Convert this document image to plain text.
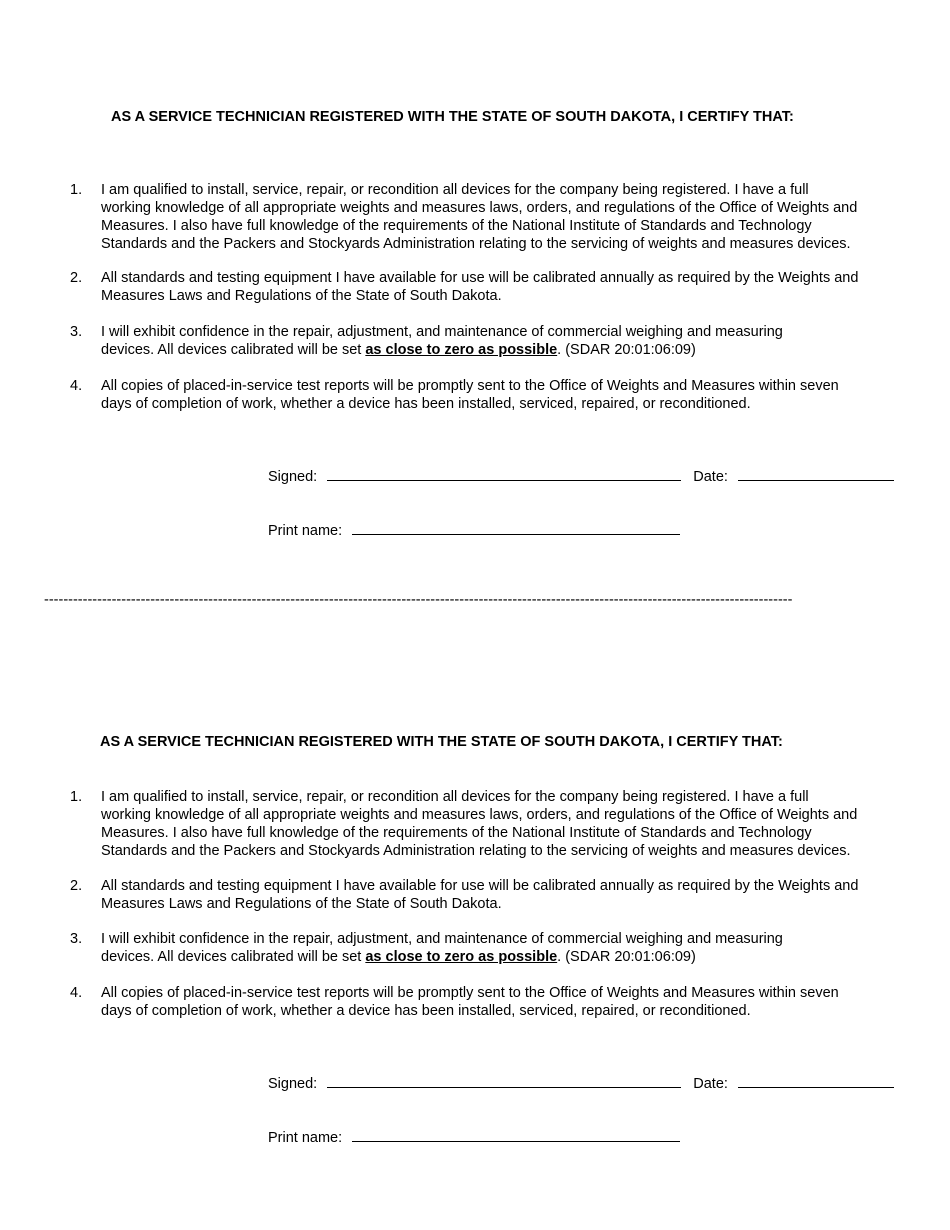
AS A SERVICE TECHNICIAN REGISTERED WITH THE STATE OF SOUTH DAKOTA, I CERTIFY THAT:
1.	I am qualified to install, service, repair, or recondition all devices for the company being registered. I have a full
working knowledge of all appropriate weights and measures laws, orders, and regulations of the Office of Weights and
Measures. I also have full knowledge of the requirements of the National Institute of Standards and Technology
Standards and the Packers and Stockyards Administration relating to the servicing of weights and measures devices.
2.	All standards and testing equipment I have available for use will be calibrated annually as required by the Weights and
Measures Laws and Regulations of the State of South Dakota.
3.	I will exhibit confidence in the repair, adjustment, and maintenance of commercial weighing and measuring
devices. All devices calibrated will be set as close to zero as possible. (SDAR 20:01:06:09)
4.	All copies of placed-in-service test reports will be promptly sent to the Office of Weights and Measures within seven
days of completion of work, whether a device has been installed, serviced, repaired, or reconditioned.
Signed:	Date:
Print name:
-----------------------------------------------------------------------------------------------------------------------------------------------------------
AS A SERVICE TECHNICIAN REGISTERED WITH THE STATE OF SOUTH DAKOTA, I CERTIFY THAT:
1.	I am qualified to install, service, repair, or recondition all devices for the company being registered. I have a full
working knowledge of all appropriate weights and measures laws, orders, and regulations of the Office of Weights and
Measures. I also have full knowledge of the requirements of the National Institute of Standards and Technology
Standards and the Packers and Stockyards Administration relating to the servicing of weights and measures devices.
2.	All standards and testing equipment I have available for use will be calibrated annually as required by the Weights and
Measures Laws and Regulations of the State of South Dakota.
3.	I will exhibit confidence in the repair, adjustment, and maintenance of commercial weighing and measuring
devices. All devices calibrated will be set as close to zero as possible. (SDAR 20:01:06:09)
4.	All copies of placed-in-service test reports will be promptly sent to the Office of Weights and Measures within seven
days of completion of work, whether a device has been installed, serviced, repaired, or reconditioned.
Signed:	Date:
Print name:
